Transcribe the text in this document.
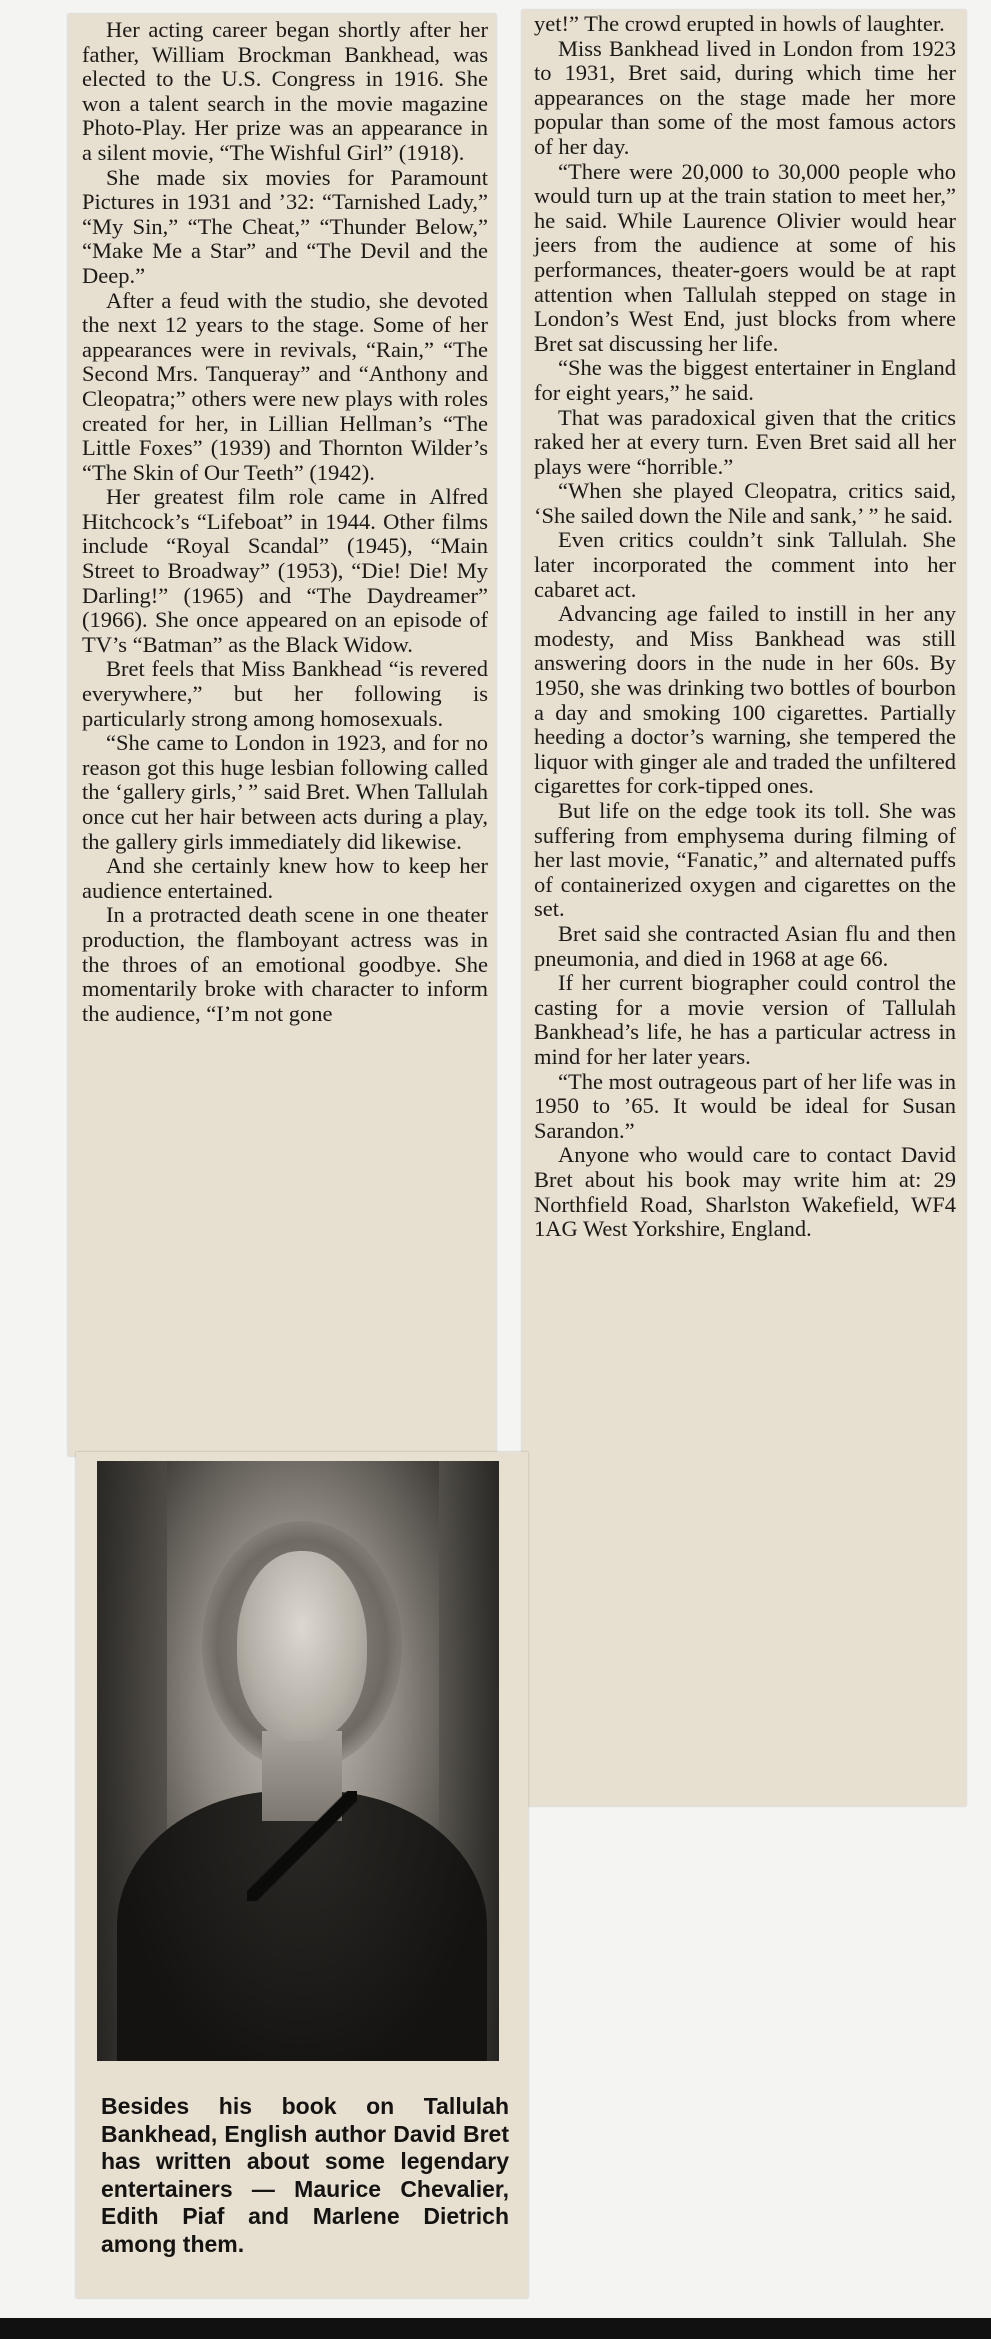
Her acting career began shortly after her father, William Brockman Bankhead, was elected to the U.S. Congress in 1916. She won a talent search in the movie magazine Photo-Play. Her prize was an appearance in a silent movie, “The Wishful Girl” (1918).

She made six movies for Paramount Pictures in 1931 and ’32: “Tarnished Lady,” “My Sin,” “The Cheat,” “Thunder Below,” “Make Me a Star” and “The Devil and the Deep.”

After a feud with the studio, she devoted the next 12 years to the stage. Some of her appearances were in revivals, “Rain,” “The Second Mrs. Tanqueray” and “Anthony and Cleopatra;” others were new plays with roles created for her, in Lillian Hellman’s “The Little Foxes” (1939) and Thornton Wilder’s “The Skin of Our Teeth” (1942).

Her greatest film role came in Alfred Hitchcock’s “Lifeboat” in 1944. Other films include “Royal Scandal” (1945), “Main Street to Broadway” (1953), “Die! Die! My Darling!” (1965) and “The Daydreamer” (1966). She once appeared on an episode of TV’s “Batman” as the Black Widow.

Bret feels that Miss Bankhead “is revered everywhere,” but her following is particularly strong among homosexuals.

“She came to London in 1923, and for no reason got this huge lesbian following called the ‘gallery girls,’ ” said Bret. When Tallulah once cut her hair between acts during a play, the gallery girls immediately did likewise.

And she certainly knew how to keep her audience entertained.

In a protracted death scene in one theater production, the flamboyant actress was in the throes of an emotional goodbye. She momentarily broke with character to inform the audience, “I’m not gone

yet!” The crowd erupted in howls of laughter.

Miss Bankhead lived in London from 1923 to 1931, Bret said, during which time her appearances on the stage made her more popular than some of the most famous actors of her day.

“There were 20,000 to 30,000 people who would turn up at the train station to meet her,” he said. While Laurence Olivier would hear jeers from the audience at some of his performances, theater-goers would be at rapt attention when Tallulah stepped on stage in London’s West End, just blocks from where Bret sat discussing her life.

“She was the biggest entertainer in England for eight years,” he said.

That was paradoxical given that the critics raked her at every turn. Even Bret said all her plays were “horrible.”

“When she played Cleopatra, critics said, ‘She sailed down the Nile and sank,’ ” he said.

Even critics couldn’t sink Tallulah. She later incorporated the comment into her cabaret act.

Advancing age failed to instill in her any modesty, and Miss Bankhead was still answering doors in the nude in her 60s. By 1950, she was drinking two bottles of bourbon a day and smoking 100 cigarettes. Partially heeding a doctor’s warning, she tempered the liquor with ginger ale and traded the unfiltered cigarettes for cork-tipped ones.

But life on the edge took its toll. She was suffering from emphysema during filming of her last movie, “Fanatic,” and alternated puffs of containerized oxygen and cigarettes on the set.

Bret said she contracted Asian flu and then pneumonia, and died in 1968 at age 66.

If her current biographer could control the casting for a movie version of Tallulah Bankhead’s life, he has a particular actress in mind for her later years.

“The most outrageous part of her life was in 1950 to ’65. It would be ideal for Susan Sarandon.”

Anyone who would care to contact David Bret about his book may write him at: 29 Northfield Road, Sharlston Wakefield, WF4 1AG West Yorkshire, England.

Besides his book on Tallulah Bankhead, English author David Bret has written about some legendary entertainers — Maurice Chevalier, Edith Piaf and Marlene Dietrich among them.
